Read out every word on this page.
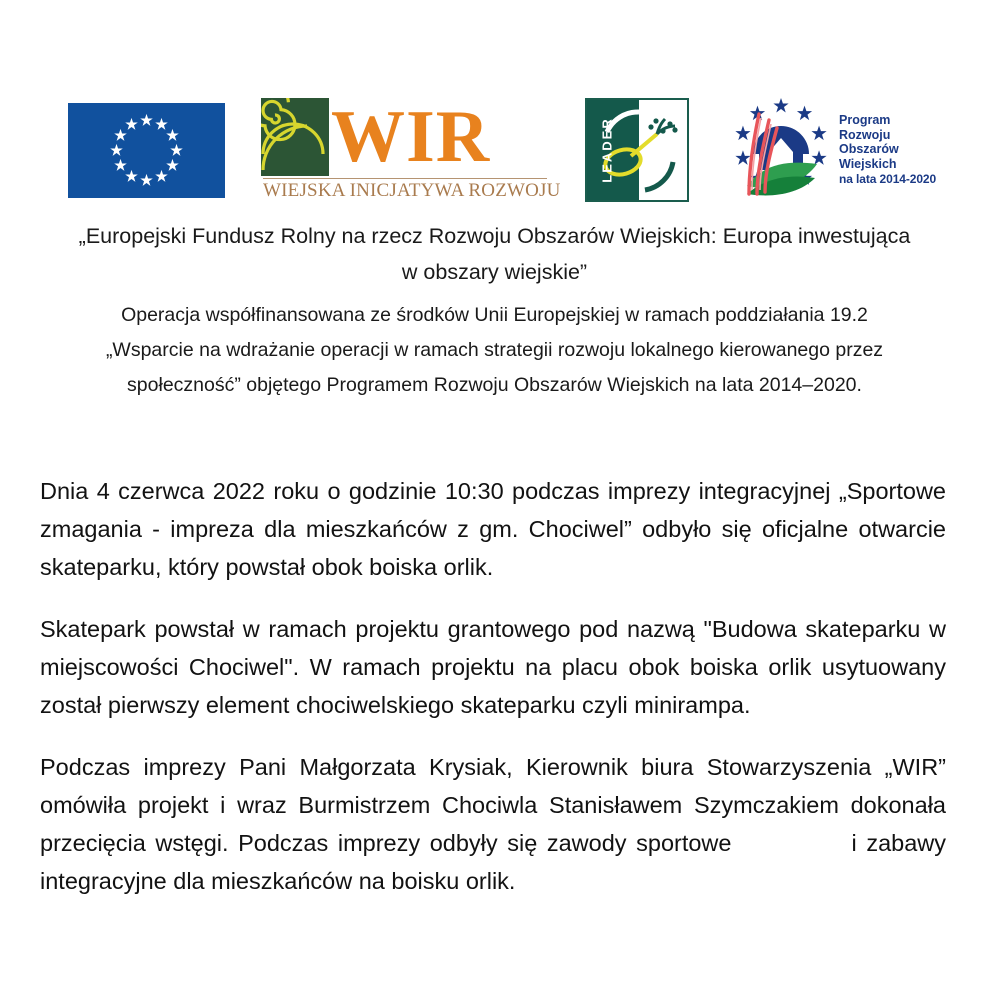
WIR
WIEJSKA INICJATYWA ROZWOJU
LEADER	Program
Rozwoju
Obszarów
Wiejskich
na lata 2014-2020
„Europejski Fundusz Rolny na rzecz Rozwoju Obszarów Wiejskich: Europa inwestująca
w obszary wiejskie”
Operacja współfinansowana ze środków Unii Europejskiej w ramach poddziałania 19.2
„Wsparcie na wdrażanie operacji w ramach strategii rozwoju lokalnego kierowanego przez
społeczność” objętego Programem Rozwoju Obszarów Wiejskich na lata 2014–2020.

Dnia 4 czerwca 2022 roku o godzinie 10:30 podczas imprezy integracyjnej „Sportowe zmagania - impreza dla mieszkańców z gm. Chociwel” odbyło się oficjalne otwarcie skateparku, który powstał obok boiska orlik.

Skatepark powstał w ramach projektu grantowego pod nazwą "Budowa skateparku w miejscowości Chociwel". W ramach projektu na placu obok boiska orlik usytuowany został pierwszy element chociwelskiego skateparku czyli minirampa.

Podczas imprezy Pani Małgorzata Krysiak, Kierownik biura Stowarzyszenia „WIR” omówiła projekt i wraz Burmistrzem Chociwla Stanisławem Szymczakiem dokonała przecięcia wstęgi. Podczas imprezy odbyły się zawody sportowe	i zabawy integracyjne dla mieszkańców na boisku orlik.
